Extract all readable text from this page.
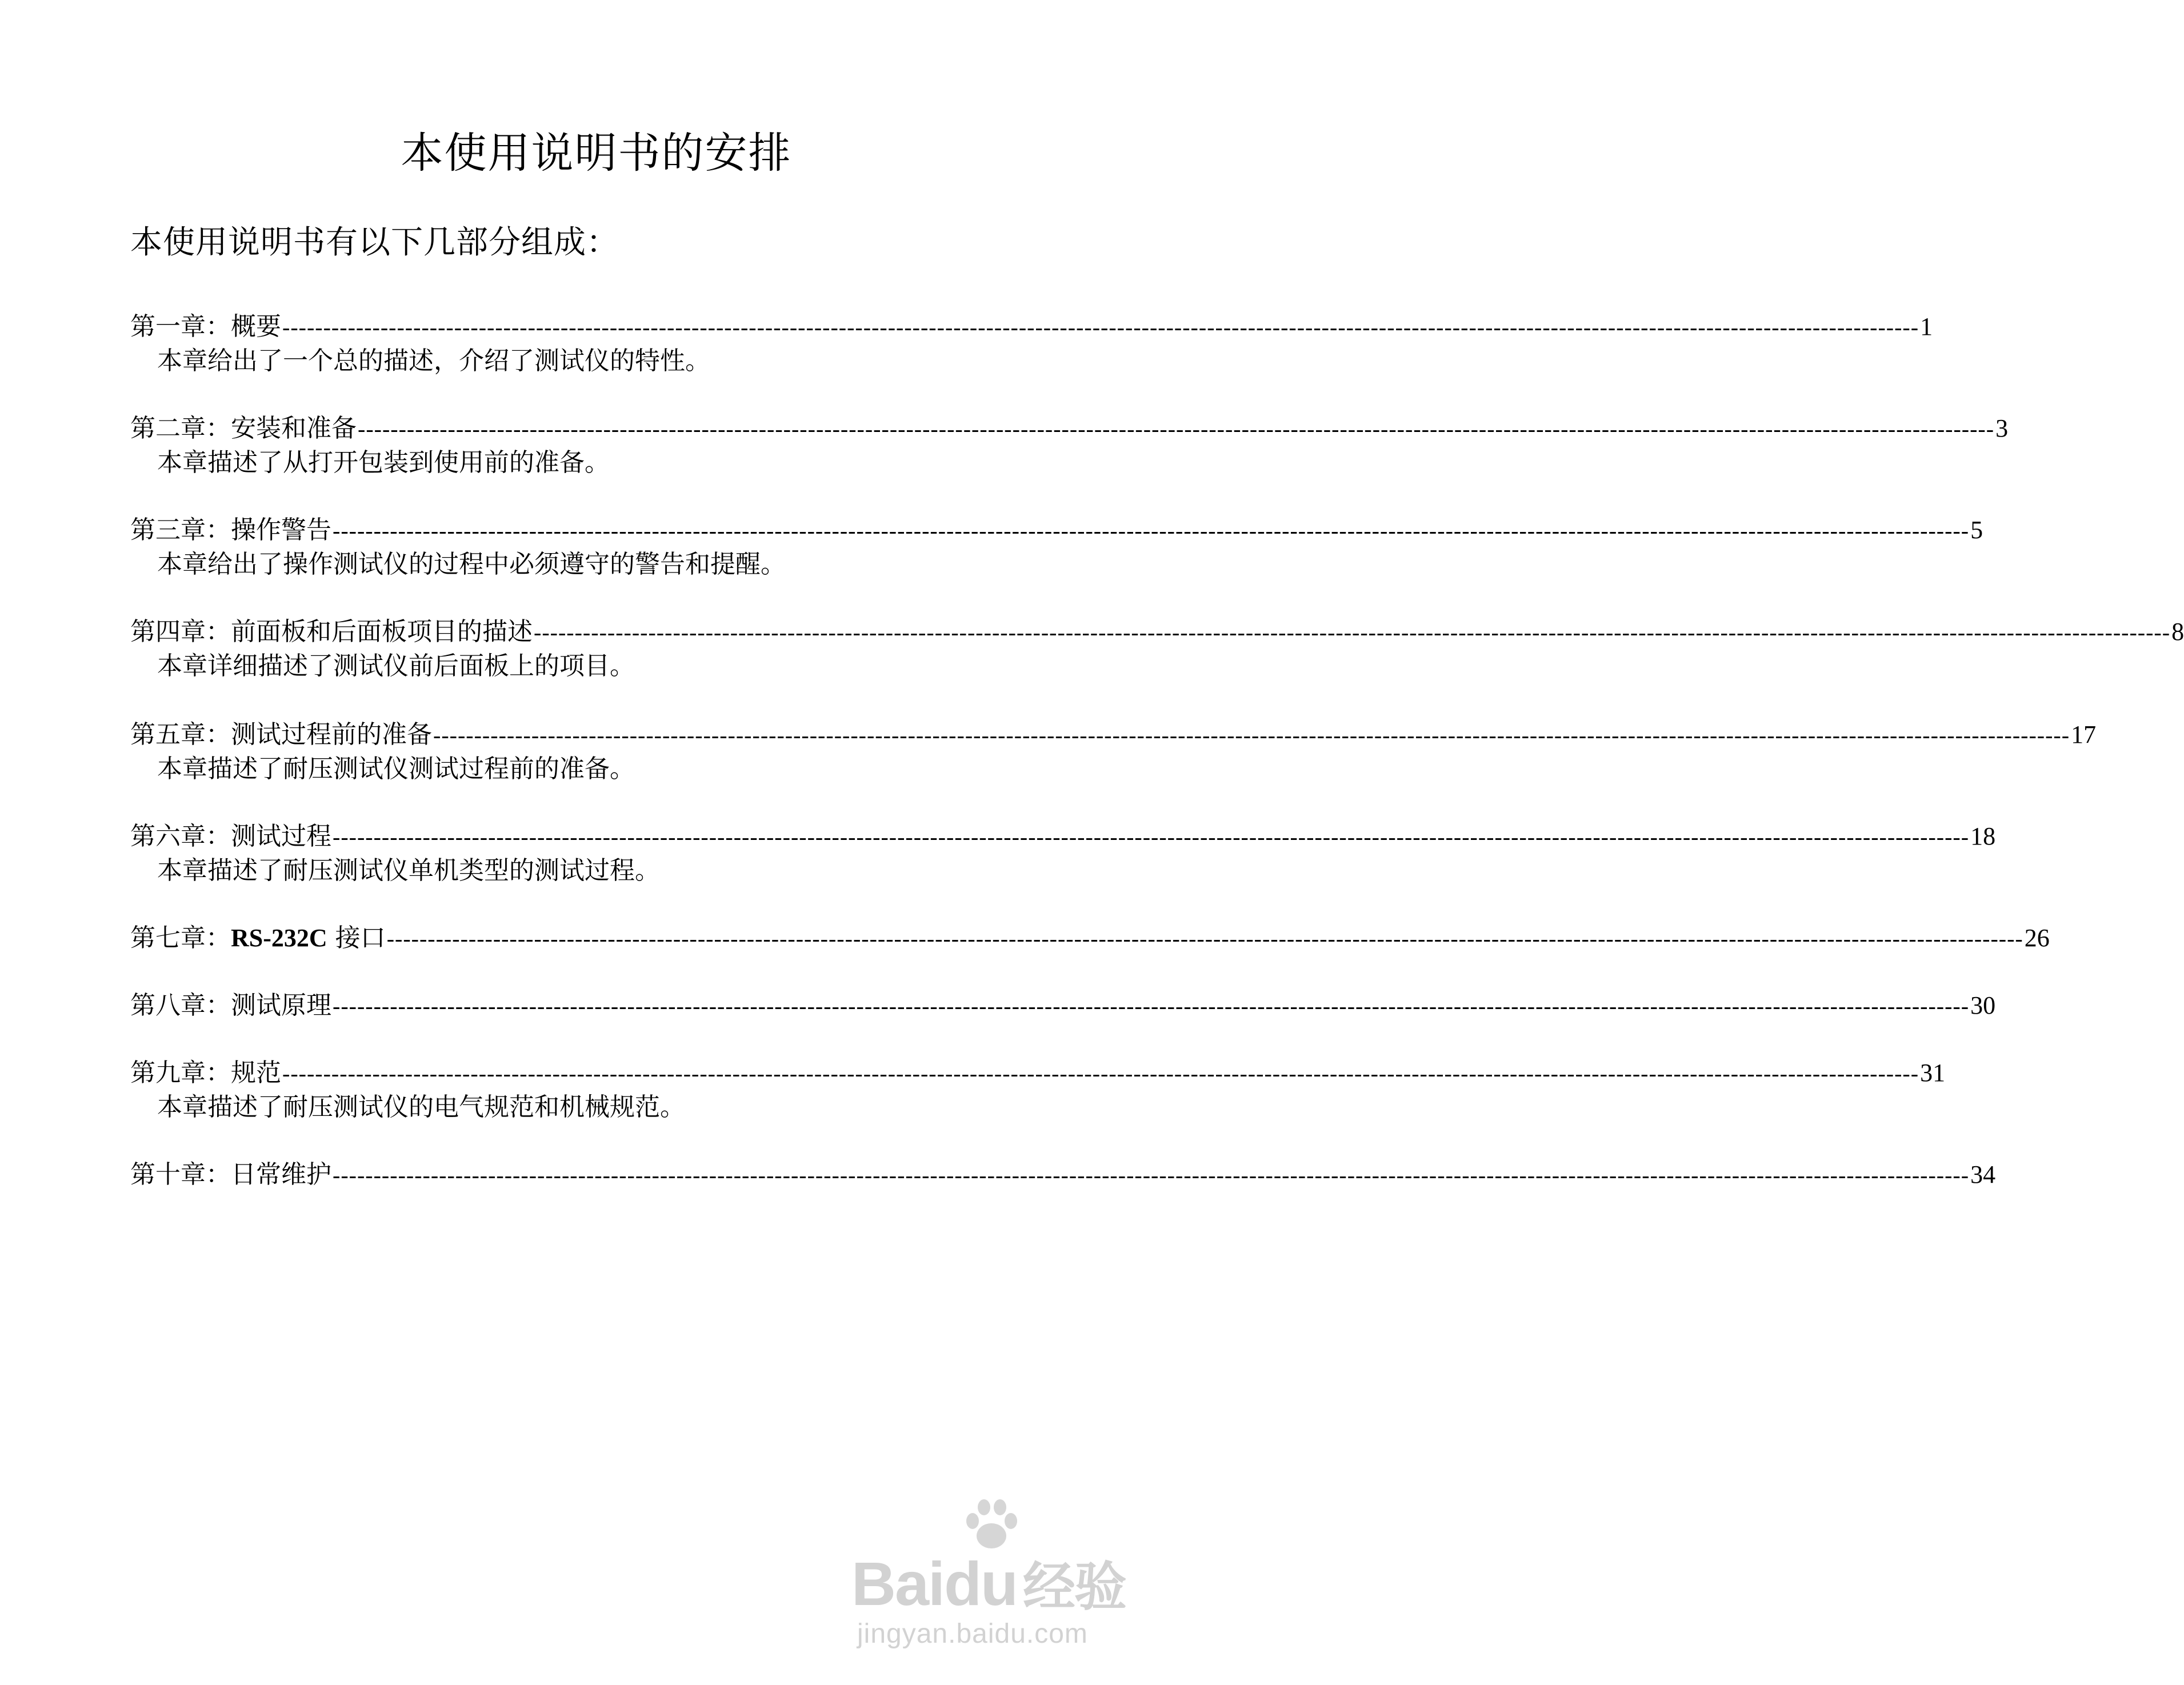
本使用说明书的安排
本使用说明书有以下几部分组成：
第一章：概要 -------------------------------------------------------------------------------------------------------------------------------------------------------------------------------------------------------- 1
本章给出了一个总的描述，介绍了测试仪的特性。
第二章：安装和准备 -------------------------------------------------------------------------------------------------------------------------------------------------------------------------------------------------------- 3
本章描述了从打开包装到使用前的准备。
第三章：操作警告 -------------------------------------------------------------------------------------------------------------------------------------------------------------------------------------------------------- 5
本章给出了操作测试仪的过程中必须遵守的警告和提醒。
第四章：前面板和后面板项目的描述 -------------------------------------------------------------------------------------------------------------------------------------------------------------------------------------------------------- 8
本章详细描述了测试仪前后面板上的项目。
第五章：测试过程前的准备 -------------------------------------------------------------------------------------------------------------------------------------------------------------------------------------------------------- 17
本章描述了耐压测试仪测试过程前的准备。
第六章：测试过程 -------------------------------------------------------------------------------------------------------------------------------------------------------------------------------------------------------- 18
本章描述了耐压测试仪单机类型的测试过程。
第七章：RS-232C 接口 -------------------------------------------------------------------------------------------------------------------------------------------------------------------------------------------------------- 26
第八章：测试原理 -------------------------------------------------------------------------------------------------------------------------------------------------------------------------------------------------------- 30
第九章：规范 -------------------------------------------------------------------------------------------------------------------------------------------------------------------------------------------------------- 31
本章描述了耐压测试仪的电气规范和机械规范。
第十章：日常维护 -------------------------------------------------------------------------------------------------------------------------------------------------------------------------------------------------------- 34
Baidu 经验
jingyan.baidu.com
